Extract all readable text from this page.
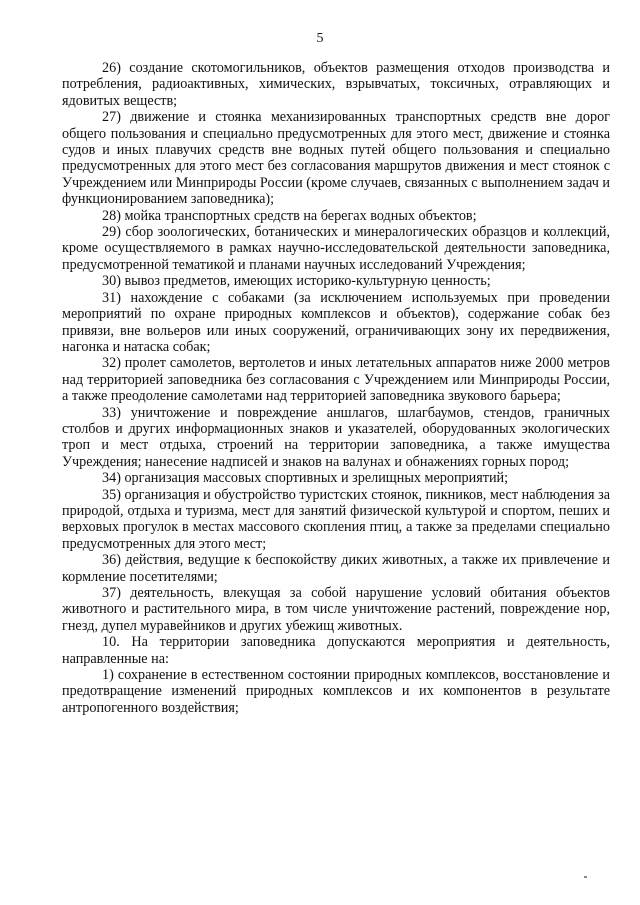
5

26) создание скотомогильников, объектов размещения отходов производства и потребления, радиоактивных, химических, взрывчатых, токсичных, отравляющих и ядовитых веществ;

27) движение и стоянка механизированных транспортных средств вне дорог общего пользования и специально предусмотренных для этого мест, движение и стоянка судов и иных плавучих средств вне водных путей общего пользования и специально предусмотренных для этого мест без согласования маршрутов движения и мест стоянок с Учреждением или Минприроды России (кроме случаев, связанных с выполнением задач и функционированием заповедника);

28) мойка транспортных средств на берегах водных объектов;

29) сбор зоологических, ботанических и минералогических образцов и коллекций, кроме осуществляемого в рамках научно-исследовательской деятельности заповедника, предусмотренной тематикой и планами научных исследований Учреждения;

30) вывоз предметов, имеющих историко-культурную ценность;

31) нахождение с собаками (за исключением используемых при проведении мероприятий по охране природных комплексов и объектов), содержание собак без привязи, вне вольеров или иных сооружений, ограничивающих зону их передвижения, нагонка и натаска собак;

32) пролет самолетов, вертолетов и иных летательных аппаратов ниже 2000 метров над территорией заповедника без согласования с Учреждением или Минприроды России, а также преодоление самолетами над территорией заповедника звукового барьера;

33) уничтожение и повреждение аншлагов, шлагбаумов, стендов, граничных столбов и других информационных знаков и указателей, оборудованных экологических троп и мест отдыха, строений на территории заповедника, а также имущества Учреждения; нанесение надписей и знаков на валунах и обнажениях горных пород;

34) организация массовых спортивных и зрелищных мероприятий;

35) организация и обустройство туристских стоянок, пикников, мест наблюдения за природой, отдыха и туризма, мест для занятий физической культурой и спортом, пеших и верховых прогулок в местах массового скопления птиц, а также за пределами специально предусмотренных для этого мест;

36) действия, ведущие к беспокойству диких животных, а также их привлечение и кормление посетителями;

37) деятельность, влекущая за собой нарушение условий обитания объектов животного и растительного мира, в том числе уничтожение растений, повреждение нор, гнезд, дупел муравейников и других убежищ животных.

10. На территории заповедника допускаются мероприятия и деятельность, направленные на:

1) сохранение в естественном состоянии природных комплексов, восстановление и предотвращение изменений природных комплексов и их компонентов в результате антропогенного воздействия;
